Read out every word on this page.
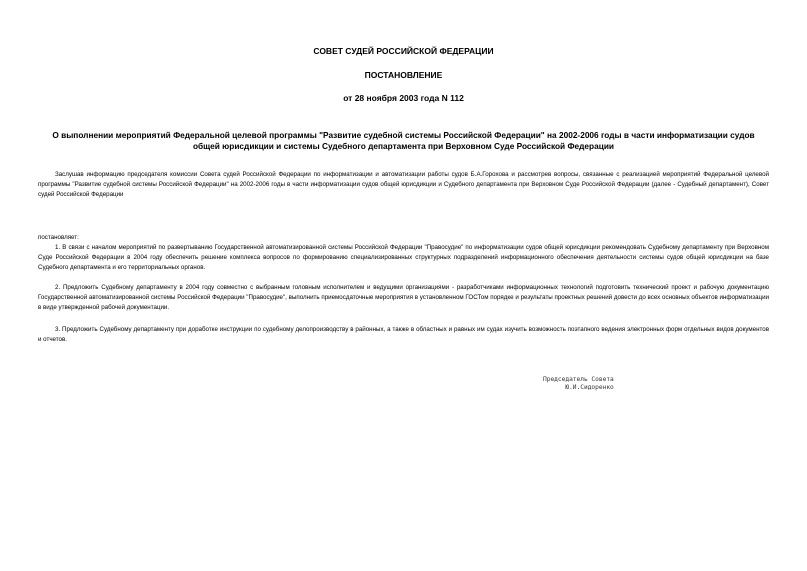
СОВЕТ СУДЕЙ РОССИЙСКОЙ ФЕДЕРАЦИИ
ПОСТАНОВЛЕНИЕ
от 28 ноября 2003 года N 112
О выполнении мероприятий Федеральной целевой программы "Развитие судебной системы Российской Федерации" на 2002-2006 годы в части информатизации судов общей юрисдикции и системы Судебного департамента при Верховном Суде Российской Федерации

Заслушав информацию председателя комиссии Совета судей Российской Федерации по информатизации и автоматизации работы судов Б.А.Горохова и рассмотрев вопросы, связанные с реализацией мероприятий Федеральной целевой программы "Развитие судебной системы Российской Федерации" на 2002-2006 годы в части информатизации судов общей юрисдикции и Судебного департамента при Верховном Суде Российской Федерации (далее - Судебный департамент), Совет судей Российской Федерации

постановляет:

1. В связи с началом мероприятий по развертыванию Государственной автоматизированной системы Российской Федерации "Правосудие" по информатизации судов общей юрисдикции рекомендовать Судебному департаменту при Верховном Суде Российской Федерации в 2004 году обеспечить решение комплекса вопросов по формированию специализированных структурных подразделений информационного обеспечения деятельности системы судов общей юрисдикции на базе Судебного департамента и его территориальных органов.

2. Предложить Судебному департаменту в 2004 году совместно с выбранным головным исполнителем и ведущими организациями - разработчиками информационных технологий подготовить технический проект и рабочую документацию Государственной автоматизированной системы Российской Федерации "Правосудие", выполнить приемосдаточные мероприятия в установленном ГОСТом порядке и результаты проектных решений довести до всех основных объектов информатизации в виде утвержденной рабочей документации.

3. Предложить Судебному департаменту при доработке инструкции по судебному делопроизводству в районных, а также в областных и равных им судах изучить возможность поэтапного ведения электронных форм отдельных видов документов и отчетов.

Председатель Совета
Ю.И.Сидоренко
